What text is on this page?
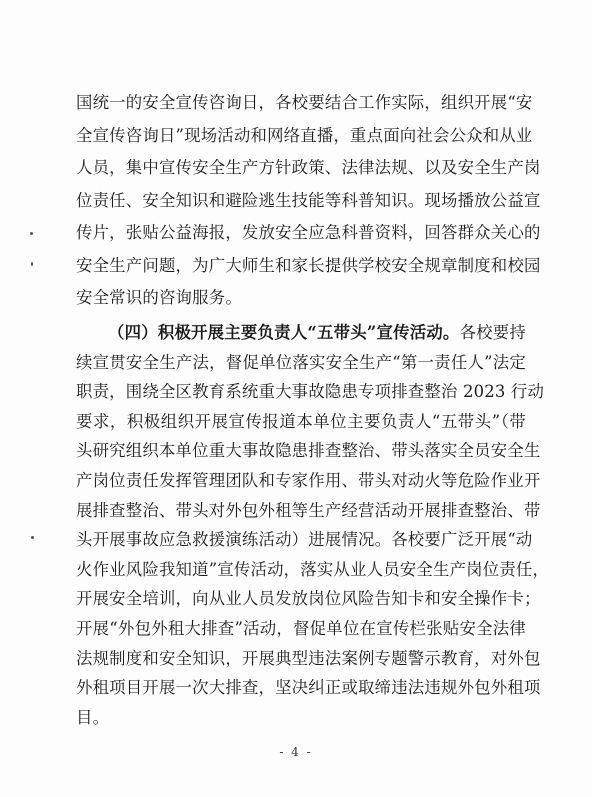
国统一的安全宣传咨询日，各校要结合工作实际，组织开展“安
全宣传咨询日”现场活动和网络直播，重点面向社会公众和从业
人员，集中宣传安全生产方针政策、法律法规、以及安全生产岗
位责任、安全知识和避险逃生技能等科普知识。现场播放公益宣
传片，张贴公益海报，发放安全应急科普资料，回答群众关心的
安全生产问题，为广大师生和家长提供学校安全规章制度和校园
安全常识的咨询服务。
（四）积极开展主要负责人“五带头”宣传活动。各校要持
续宣贯安全生产法，督促单位落实安全生产“第一责任人”法定
职责，围绕全区教育系统重大事故隐患专项排查整治 2023 行动
要求，积极组织开展宣传报道本单位主要负责人“五带头”（带
头研究组织本单位重大事故隐患排查整治、带头落实全员安全生
产岗位责任发挥管理团队和专家作用、带头对动火等危险作业开
展排查整治、带头对外包外租等生产经营活动开展排查整治、带
头开展事故应急救援演练活动）进展情况。各校要广泛开展“动
火作业风险我知道”宣传活动，落实从业人员安全生产岗位责任，
开展安全培训，向从业人员发放岗位风险告知卡和安全操作卡；
开展“外包外租大排查”活动，督促单位在宣传栏张贴安全法律
法规制度和安全知识，开展典型违法案例专题警示教育，对外包
- 4 -
外租项目开展一次大排查，坚决纠正或取缔违法违规外包外租项
目。
